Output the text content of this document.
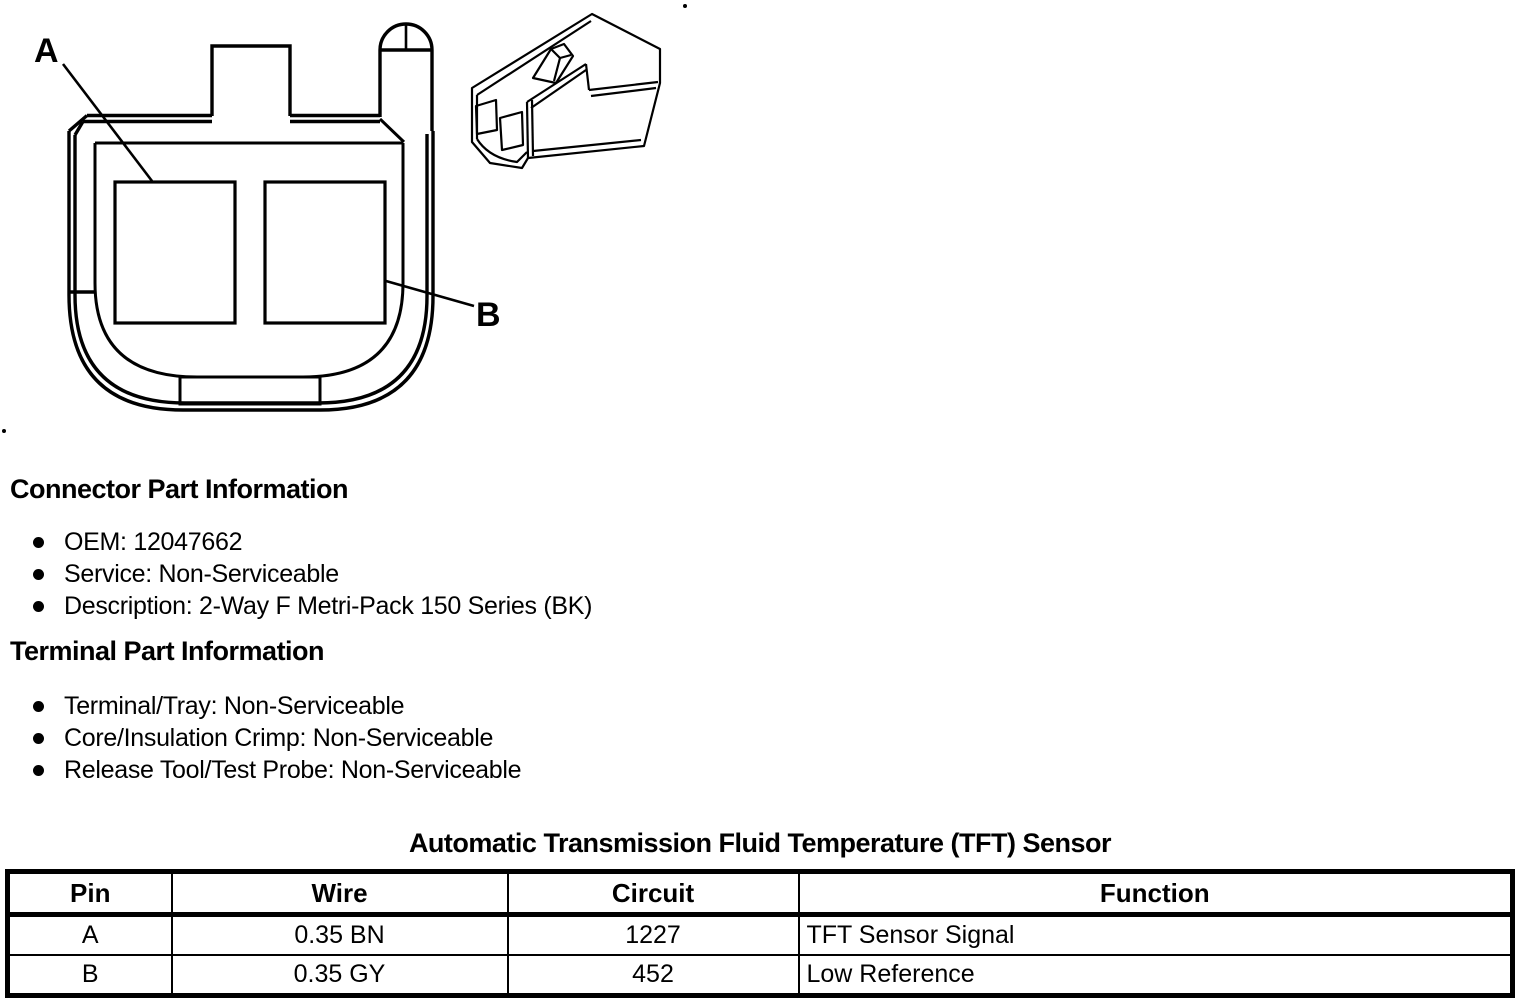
A
B
Connector Part Information
OEM: 12047662
Service: Non-Serviceable
Description: 2-Way F Metri-Pack 150 Series (BK)
Terminal Part Information
Terminal/Tray: Non-Serviceable
Core/Insulation Crimp: Non-Serviceable
Release Tool/Test Probe: Non-Serviceable

Automatic Transmission Fluid Temperature (TFT) Sensor

Pin	Wire	Circuit	Function
A	0.35 BN	1227	TFT Sensor Signal
B	0.35 GY	452	Low Reference
